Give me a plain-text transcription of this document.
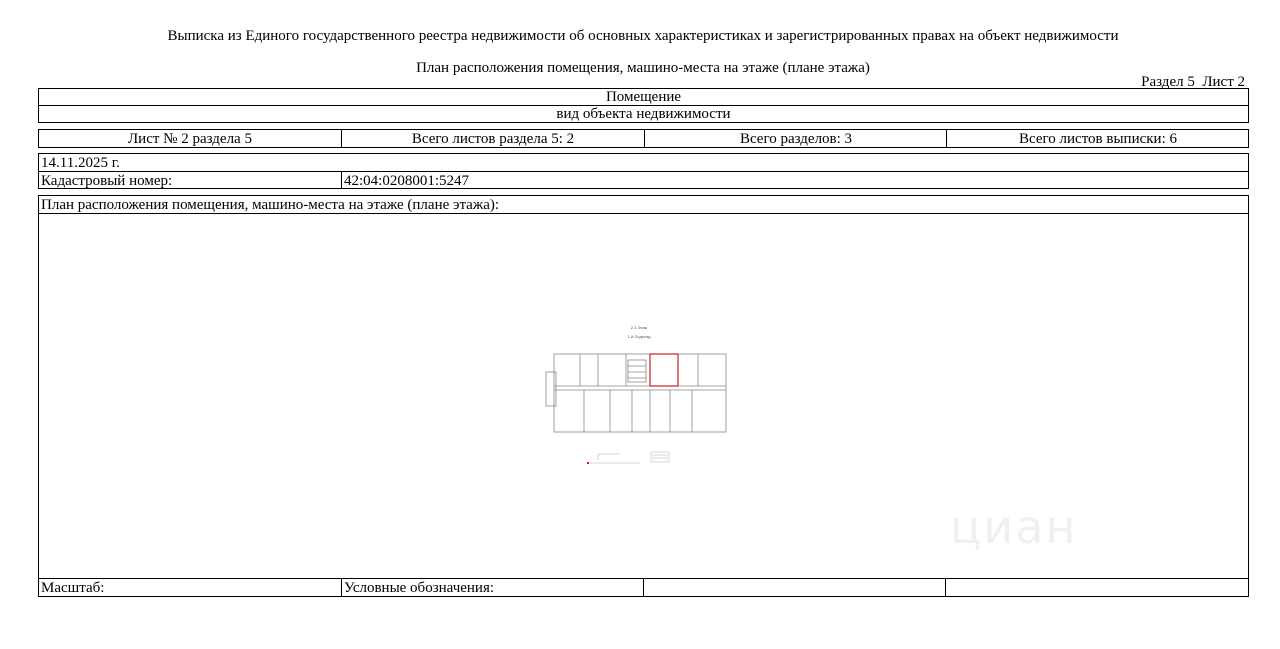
Выписка из Единого государственного реестра недвижимости об основных характеристиках и зарегистрированных правах на объект недвижимости
План расположения помещения, машино-места на этаже (плане этажа)
Раздел 5  Лист 2
Помещение
вид объекта недвижимости
Лист № 2 раздела 5	Всего листов раздела 5: 2	Всего разделов: 3	Всего листов выписки: 6
14.11.2025 г.
Кадастровый номер:	42:04:0208001:5247
План расположения помещения, машино-места на этаже (плане этажа):
Масштаб:	Условные обозначения:
2-4 Этаж
1-й Подъезд
циан
